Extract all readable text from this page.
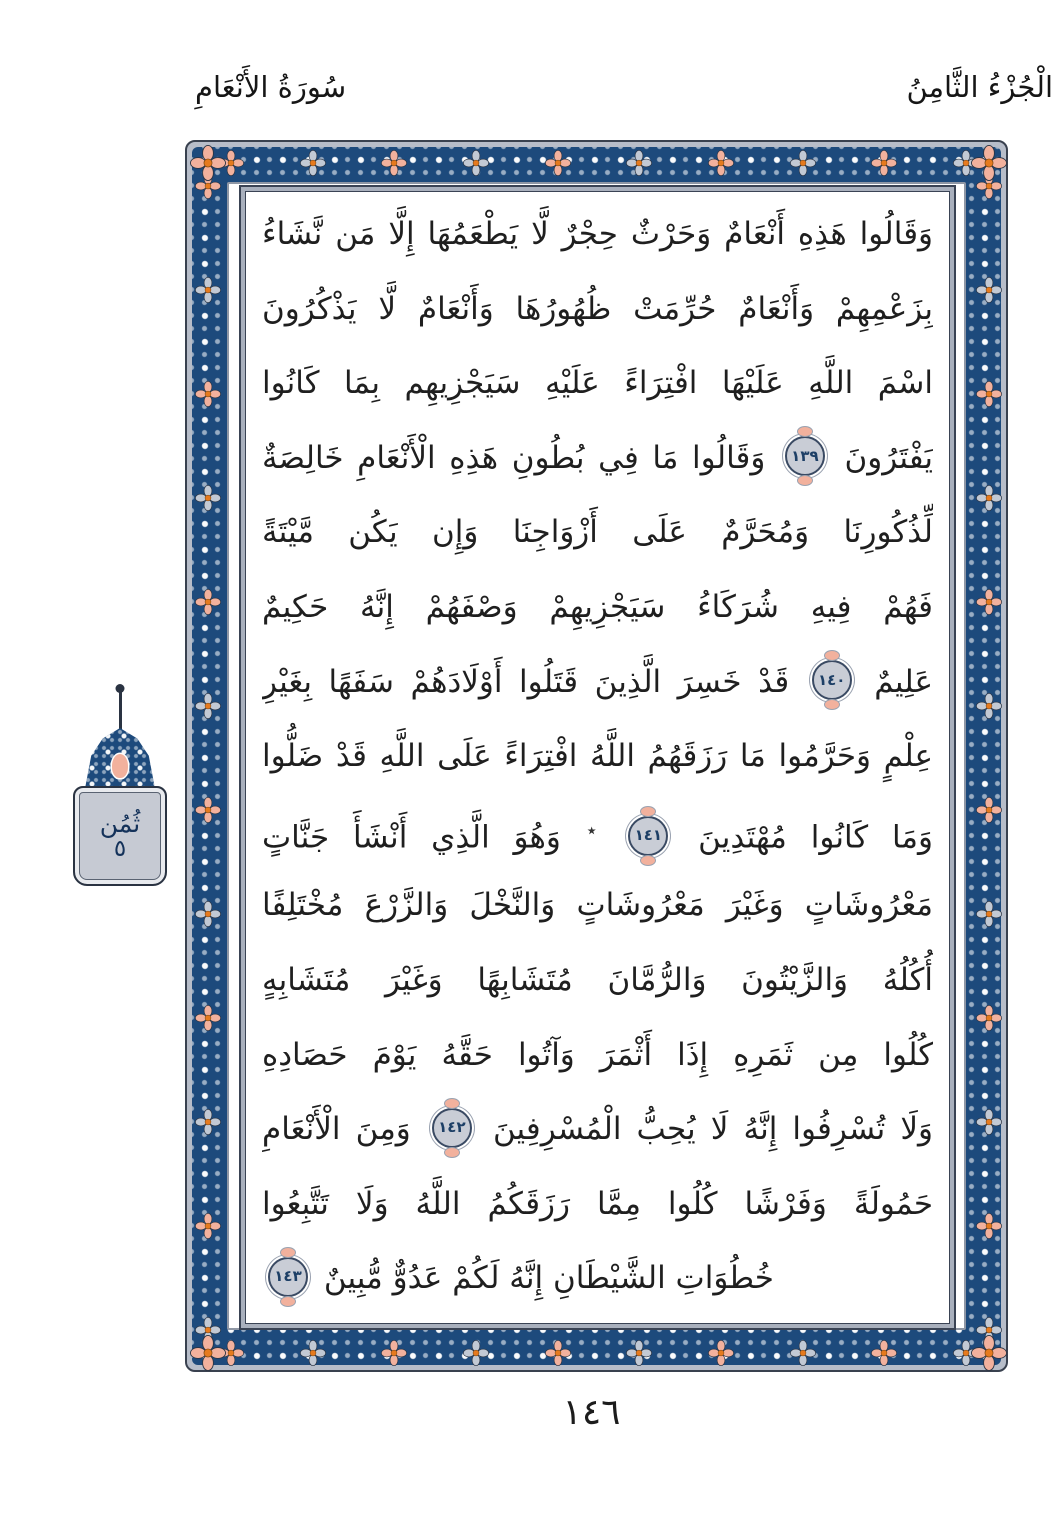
سُورَةُ الأَنْعَامِ	الْجُزْءُ الثَّامِنُ
ثُمُن
٥
وَقَالُوا هَذِهِ أَنْعَامٌ وَحَرْثٌ حِجْرٌ لَّا يَطْعَمُهَا إِلَّا مَن نَّشَاءُ
بِزَعْمِهِمْ وَأَنْعَامٌ حُرِّمَتْ ظُهُورُهَا وَأَنْعَامٌ لَّا يَذْكُرُونَ
اسْمَ اللَّهِ عَلَيْهَا افْتِرَاءً عَلَيْهِ سَيَجْزِيهِم بِمَا كَانُوا
يَفْتَرُونَ ١٣٩ وَقَالُوا مَا فِي بُطُونِ هَذِهِ الْأَنْعَامِ خَالِصَةٌ
لِّذُكُورِنَا وَمُحَرَّمٌ عَلَى أَزْوَاجِنَا وَإِن يَكُن مَّيْتَةً
فَهُمْ فِيهِ شُرَكَاءُ سَيَجْزِيهِمْ وَصْفَهُمْ إِنَّهُ حَكِيمٌ
عَلِيمٌ ١٤٠ قَدْ خَسِرَ الَّذِينَ قَتَلُوا أَوْلَادَهُمْ سَفَهًا بِغَيْرِ
عِلْمٍ وَحَرَّمُوا مَا رَزَقَهُمُ اللَّهُ افْتِرَاءً عَلَى اللَّهِ قَدْ ضَلُّوا
وَمَا كَانُوا مُهْتَدِينَ ١٤١ ٭ وَهُوَ الَّذِي أَنْشَأَ جَنَّاتٍ
مَعْرُوشَاتٍ وَغَيْرَ مَعْرُوشَاتٍ وَالنَّخْلَ وَالزَّرْعَ مُخْتَلِفًا
أُكُلُهُ وَالزَّيْتُونَ وَالرُّمَّانَ مُتَشَابِهًا وَغَيْرَ مُتَشَابِهٍ
كُلُوا مِن ثَمَرِهِ إِذَا أَثْمَرَ وَآتُوا حَقَّهُ يَوْمَ حَصَادِهِ
وَلَا تُسْرِفُوا إِنَّهُ لَا يُحِبُّ الْمُسْرِفِينَ ١٤٢ وَمِنَ الْأَنْعَامِ
حَمُولَةً وَفَرْشًا كُلُوا مِمَّا رَزَقَكُمُ اللَّهُ وَلَا تَتَّبِعُوا
خُطُوَاتِ الشَّيْطَانِ إِنَّهُ لَكُمْ عَدُوٌّ مُّبِينٌ ١٤٣
١٤٦
